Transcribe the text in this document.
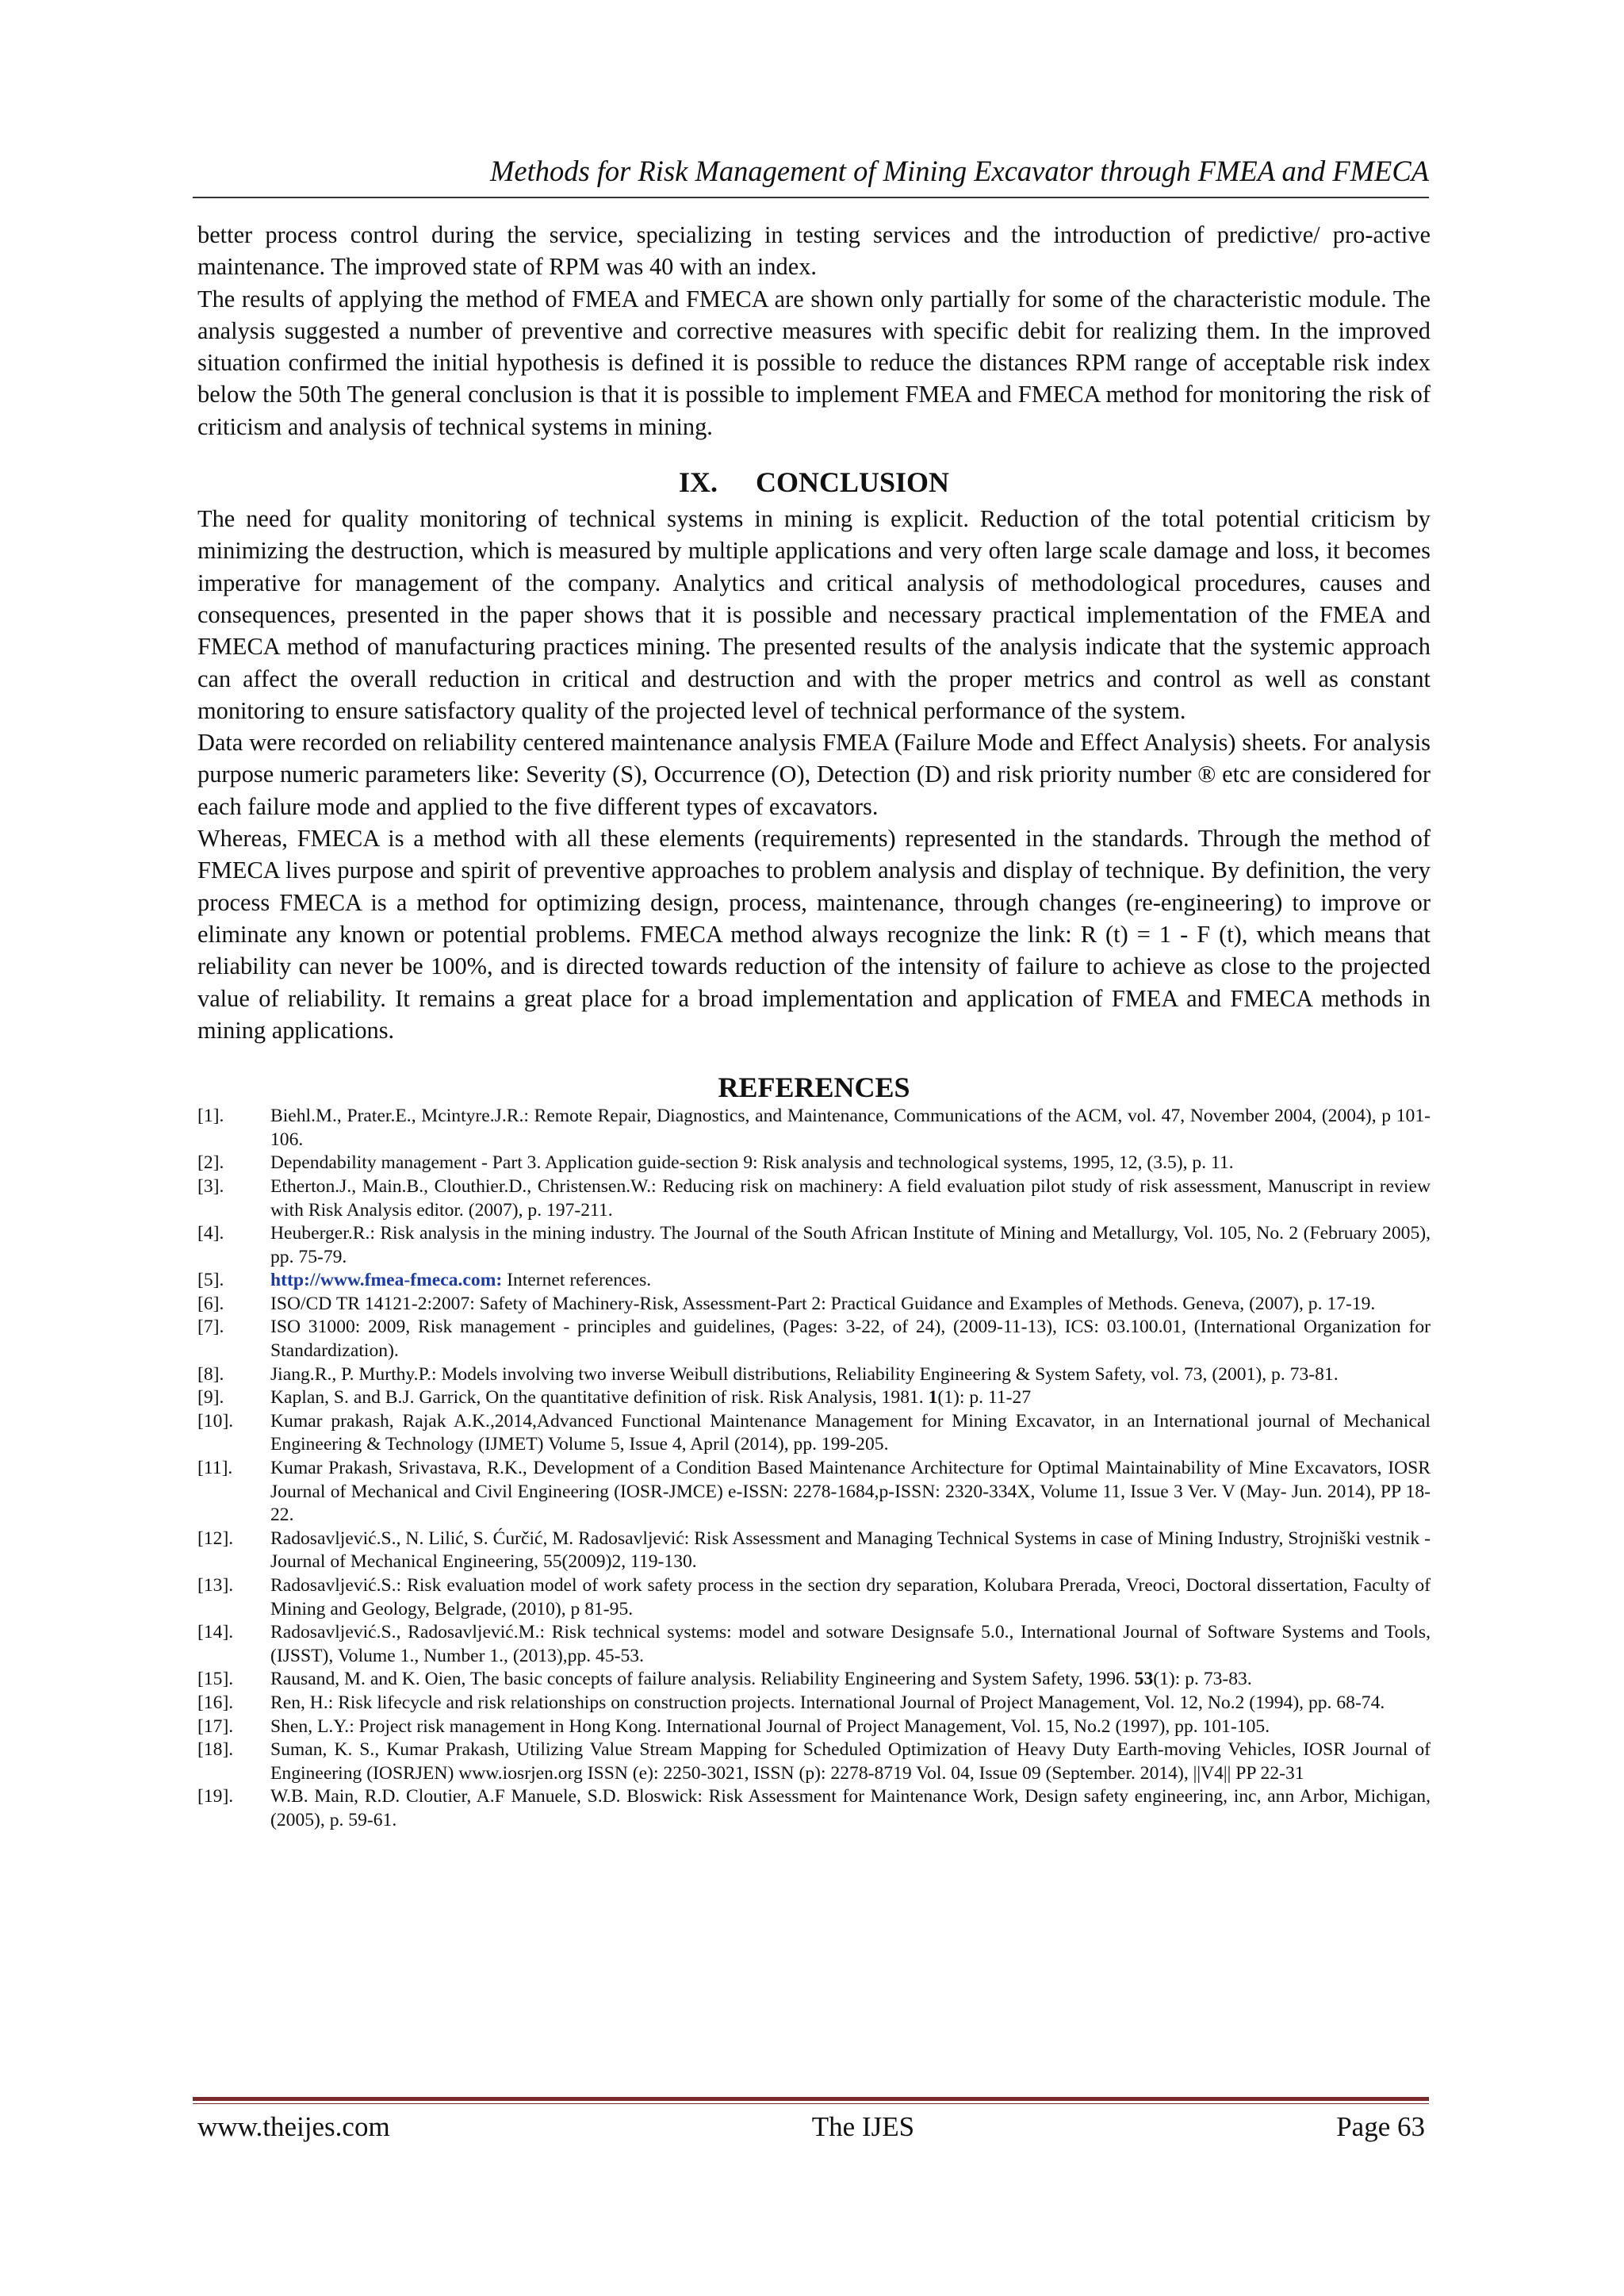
Methods for Risk Management of Mining Excavator through FMEA and FMECA

better process control during the service, specializing in testing services and the introduction of predictive/ pro-active maintenance. The improved state of RPM was 40 with an index.

The results of applying the method of FMEA and FMECA are shown only partially for some of the characteristic module. The analysis suggested a number of preventive and corrective measures with specific debit for realizing them. In the improved situation confirmed the initial hypothesis is defined it is possible to reduce the distances RPM range of acceptable risk index below the 50th The general conclusion is that it is possible to implement FMEA and FMECA method for monitoring the risk of criticism and analysis of technical systems in mining.

IX. CONCLUSION

The need for quality monitoring of technical systems in mining is explicit. Reduction of the total potential criticism by minimizing the destruction, which is measured by multiple applications and very often large scale damage and loss, it becomes imperative for management of the company. Analytics and critical analysis of methodological procedures, causes and consequences, presented in the paper shows that it is possible and necessary practical implementation of the FMEA and FMECA method of manufacturing practices mining. The presented results of the analysis indicate that the systemic approach can affect the overall reduction in critical and destruction and with the proper metrics and control as well as constant monitoring to ensure satisfactory quality of the projected level of technical performance of the system.

Data were recorded on reliability centered maintenance analysis FMEA (Failure Mode and Effect Analysis) sheets. For analysis purpose numeric parameters like: Severity (S), Occurrence (O), Detection (D) and risk priority number ® etc are considered for each failure mode and applied to the five different types of excavators.

Whereas, FMECA is a method with all these elements (requirements) represented in the standards. Through the method of FMECA lives purpose and spirit of preventive approaches to problem analysis and display of technique. By definition, the very process FMECA is a method for optimizing design, process, maintenance, through changes (re-engineering) to improve or eliminate any known or potential problems. FMECA method always recognize the link: R (t) = 1 - F (t), which means that reliability can never be 100%, and is directed towards reduction of the intensity of failure to achieve as close to the projected value of reliability. It remains a great place for a broad implementation and application of FMEA and FMECA methods in mining applications.

REFERENCES
[1].	Biehl.M., Prater.E., Mcintyre.J.R.: Remote Repair, Diagnostics, and Maintenance, Communications of the ACM, vol. 47, November 2004, (2004), p 101-106.
[2].	Dependability management - Part 3. Application guide-section 9: Risk analysis and technological systems, 1995, 12, (3.5), p. 11.
[3].	Etherton.J., Main.B., Clouthier.D., Christensen.W.: Reducing risk on machinery: A field evaluation pilot study of risk assessment, Manuscript in review with Risk Analysis editor. (2007), p. 197-211.
[4].	Heuberger.R.: Risk analysis in the mining industry. The Journal of the South African Institute of Mining and Metallurgy, Vol. 105, No. 2 (February 2005), pp. 75-79.
[5].	http://www.fmea-fmeca.com: Internet references.
[6].	ISO/CD TR 14121-2:2007: Safety of Machinery-Risk, Assessment-Part 2: Practical Guidance and Examples of Methods. Geneva, (2007), p. 17-19.
[7].	ISO 31000: 2009, Risk management - principles and guidelines, (Pages: 3-22, of 24), (2009-11-13), ICS: 03.100.01, (International Organization for Standardization).
[8].	Jiang.R., P. Murthy.P.: Models involving two inverse Weibull distributions, Reliability Engineering & System Safety, vol. 73, (2001), p. 73-81.
[9].	Kaplan, S. and B.J. Garrick, On the quantitative definition of risk. Risk Analysis, 1981. 1(1): p. 11-27
[10].	Kumar prakash, Rajak A.K.,2014,Advanced Functional Maintenance Management for Mining Excavator, in an International journal of Mechanical Engineering & Technology (IJMET) Volume 5, Issue 4, April (2014), pp. 199-205.
[11].	Kumar Prakash, Srivastava, R.K., Development of a Condition Based Maintenance Architecture for Optimal Maintainability of Mine Excavators, IOSR Journal of Mechanical and Civil Engineering (IOSR-JMCE) e-ISSN: 2278-1684,p-ISSN: 2320-334X, Volume 11, Issue 3 Ver. V (May- Jun. 2014), PP 18-22.
[12].	Radosavljević.S., N. Lilić, S. Ćurčić, M. Radosavljević: Risk Assessment and Managing Technical Systems in case of Mining Industry, Strojniški vestnik - Journal of Mechanical Engineering, 55(2009)2, 119-130.
[13].	Radosavljević.S.: Risk evaluation model of work safety process in the section dry separation, Kolubara Prerada, Vreoci, Doctoral dissertation, Faculty of Mining and Geology, Belgrade, (2010), p 81-95.
[14].	Radosavljević.S., Radosavljević.M.: Risk technical systems: model and sotware Designsafe 5.0., International Journal of Software Systems and Tools, (IJSST), Volume 1., Number 1., (2013),pp. 45-53.
[15].	Rausand, M. and K. Oien, The basic concepts of failure analysis. Reliability Engineering and System Safety, 1996. 53(1): p. 73-83.
[16].	Ren, H.: Risk lifecycle and risk relationships on construction projects. International Journal of Project Management, Vol. 12, No.2 (1994), pp. 68-74.
[17].	Shen, L.Y.: Project risk management in Hong Kong. International Journal of Project Management, Vol. 15, No.2 (1997), pp. 101-105.
[18].	Suman, K. S., Kumar Prakash, Utilizing Value Stream Mapping for Scheduled Optimization of Heavy Duty Earth-moving Vehicles, IOSR Journal of Engineering (IOSRJEN) www.iosrjen.org ISSN (e): 2250-3021, ISSN (p): 2278-8719 Vol. 04, Issue 09 (September. 2014), ||V4|| PP 22-31
[19].	W.B. Main, R.D. Cloutier, A.F Manuele, S.D. Bloswick: Risk Assessment for Maintenance Work, Design safety engineering, inc, ann Arbor, Michigan, (2005), p. 59-61.
www.theijes.com	The IJES	Page 63
